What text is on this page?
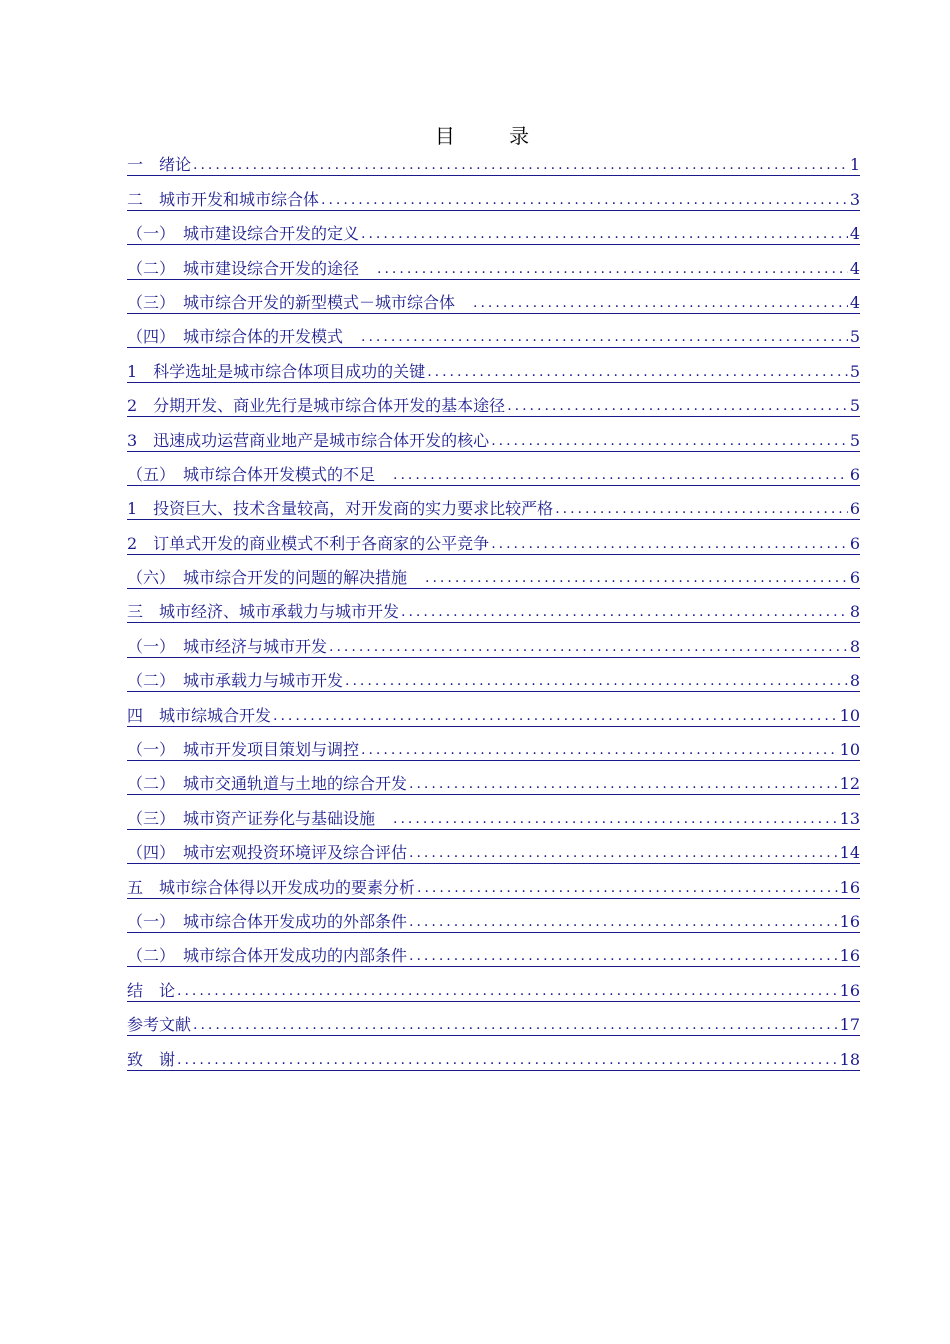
目 录
一　绪论 .....	1
二　城市开发和城市综合体 .....	3
（一）　城市建设综合开发的定义 .....	4
（二）　城市建设综合开发的途径　 .....	4
（三）　城市综合开发的新型模式－城市综合体　 .....	4
（四）　城市综合体的开发模式　 .....	5
1　科学选址是城市综合体项目成功的关键 .....	5
2　分期开发、商业先行是城市综合体开发的基本途径 .....	5
3　迅速成功运营商业地产是城市综合体开发的核心 .....	5
（五）　城市综合体开发模式的不足　 .....	6
1　投资巨大、技术含量较高，对开发商的实力要求比较严格 .....	6
2　订单式开发的商业模式不利于各商家的公平竞争 .....	6
（六）　城市综合开发的问题的解决措施　 .....	6
三　城市经济、城市承载力与城市开发 .....	8
（一）　城市经济与城市开发 .....	8
（二）　城市承载力与城市开发 .....	8
四　城市综城合开发 .....	10
（一）　城市开发项目策划与调控 .....	10
（二）　城市交通轨道与土地的综合开发 .....	12
（三）　城市资产证券化与基础设施　 .....	13
（四）　城市宏观投资环境评及综合评估 .....	14
五　城市综合体得以开发成功的要素分析 .....	16
（一）　城市综合体开发成功的外部条件 .....	16
（二）　城市综合体开发成功的内部条件 .....	16
结　论 .....	16
参考文献 .....	17
致　谢 .....	18
